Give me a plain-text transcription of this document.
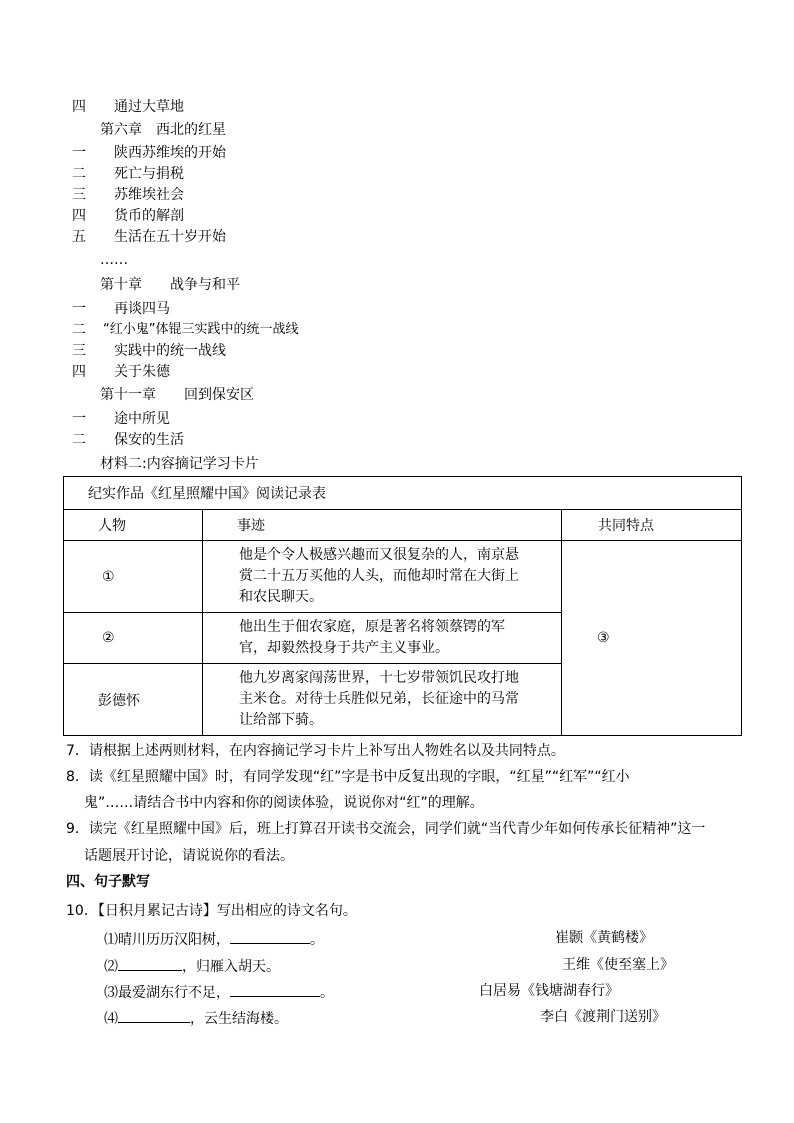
四 通过大草地
第六章　西北的红星
一 陕西苏维埃的开始
二 死亡与捐税
三 苏维埃社会
四 货币的解剖
五 生活在五十岁开始
……
第十章 战争与和平
一 再谈四马
二 “红小鬼”体锟三实践中的统一战线
三 实践中的统一战线
四 关于朱德
第十一章 回到保安区
一 途中所见
二 保安的生活
材料二:内容摘记学习卡片
纪实作品《红星照耀中国》阅读记录表		
人物	事迹	共同特点
①	他是个令人极感兴趣而又很复杂的人，南京悬赏二十五万买他的人头，而他却时常在大街上和农民聊天。	③
②	他出生于佃农家庭，原是著名将领蔡锷的军官，却毅然投身于共产主义事业。	
彭德怀	他九岁离家闯荡世界，十七岁带领饥民攻打地主米仓。对待士兵胜似兄弟，长征途中的马常让给部下骑。	
7．请根据上述两则材料，在内容摘记学习卡片上补写出人物姓名以及共同特点。
8．读《红星照耀中国》时，有同学发现“红”字是书中反复出现的字眼，“红星”“红军”“红小
鬼”……请结合书中内容和你的阅读体验，说说你对“红”的理解。
9．读完《红星照耀中国》后，班上打算召开读书交流会，同学们就“当代青少年如何传承长征精神”这一
话题展开讨论，请说说你的看法。
四、句子默写
10．【日积月累记古诗】写出相应的诗文名句。
⑴晴川历历汉阳树，	。	崔颢《黄鹤楼》
⑵	，归雁入胡天。	王维《使至塞上》
⑶最爱湖东行不足，	。	白居易《钱塘湖春行》
⑷	，云生结海楼。	李白《渡荆门送别》
